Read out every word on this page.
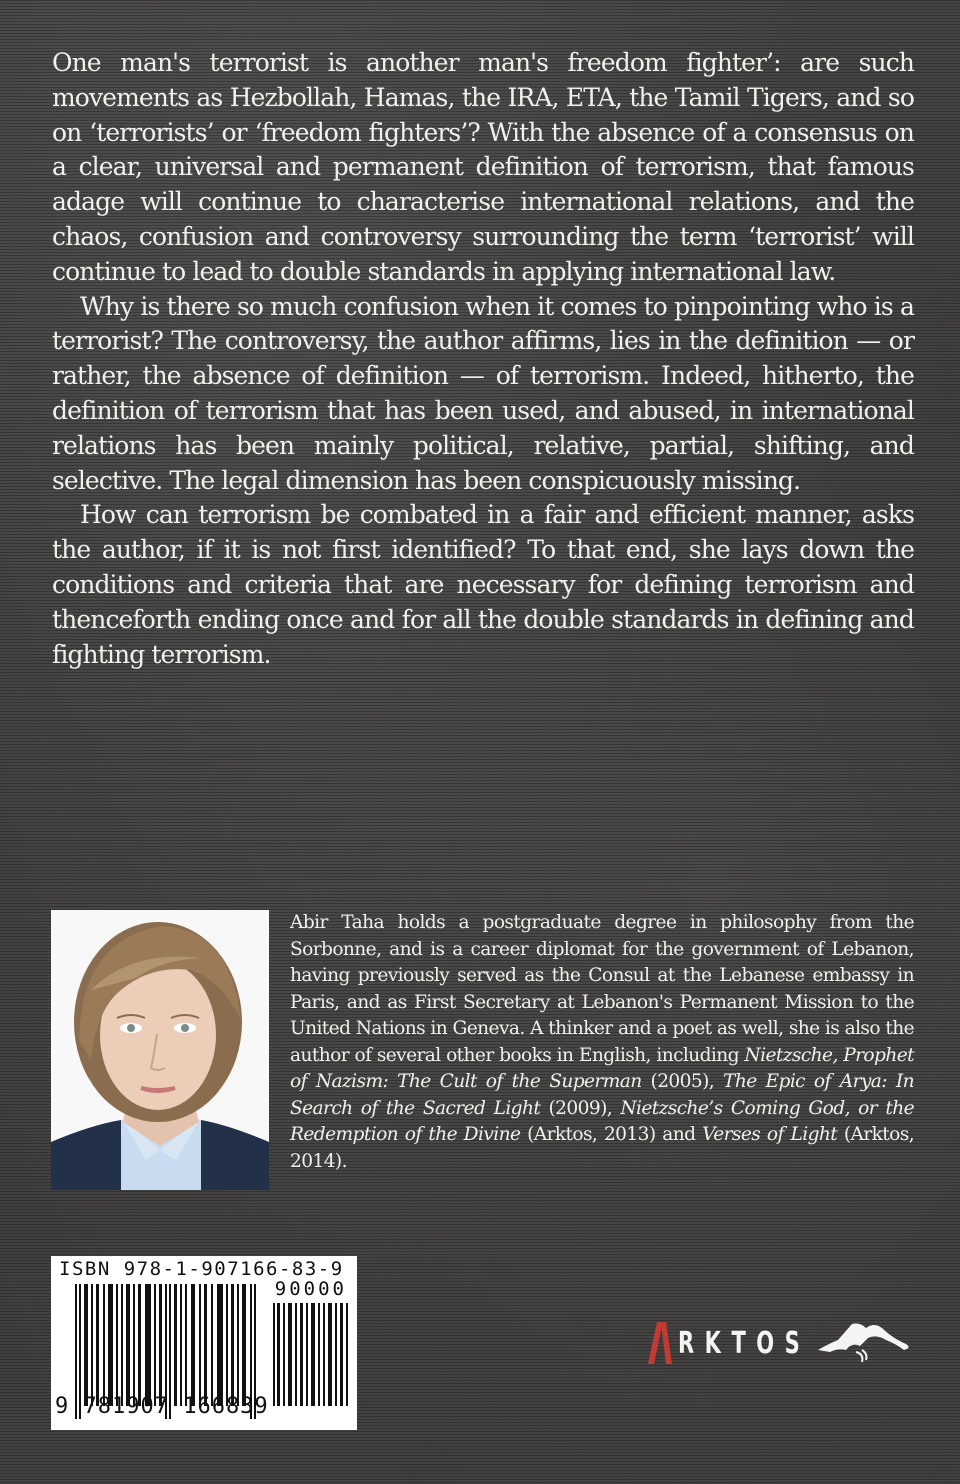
One man's terrorist is another man's freedom fighter’: are such movements as Hezbollah, Hamas, the IRA, ETA, the Tamil Tigers, and so on ‘terrorists’ or ‘freedom fighters’? With the absence of a consensus on a clear, universal and permanent definition of terrorism, that famous adage will continue to characterise international relations, and the chaos, confusion and controversy surrounding the term ‘terrorist’ will continue to lead to double standards in applying international law.

Why is there so much confusion when it comes to pinpointing who is a terrorist? The controversy, the author affirms, lies in the definition — or rather, the absence of definition — of terrorism. Indeed, hitherto, the definition of terrorism that has been used, and abused, in international relations has been mainly political, relative, partial, shifting, and selective. The legal dimension has been conspicuously missing.

How can terrorism be combated in a fair and efficient manner, asks the author, if it is not first identified? To that end, she lays down the conditions and criteria that are necessary for defining terrorism and thenceforth ending once and for all the double standards in defining and fighting terrorism.

Abir Taha holds a postgraduate degree in philosophy from the Sorbonne, and is a career diplomat for the government of Lebanon, having previously served as the Consul at the Lebanese embassy in Paris, and as First Secretary at Lebanon's Permanent Mission to the United Nations in Geneva. A thinker and a poet as well, she is also the author of several other books in English, including Nietzsche, Prophet of Nazism: The Cult of the Superman (2005), The Epic of Arya: In Search of the Sacred Light (2009), Nietzsche’s Coming God, or the Redemption of the Divine (Arktos, 2013) and Verses of Light (Arktos, 2014).

ISBN 978-1-907166-83-9
90000
9 781907 166839
RKTOS
